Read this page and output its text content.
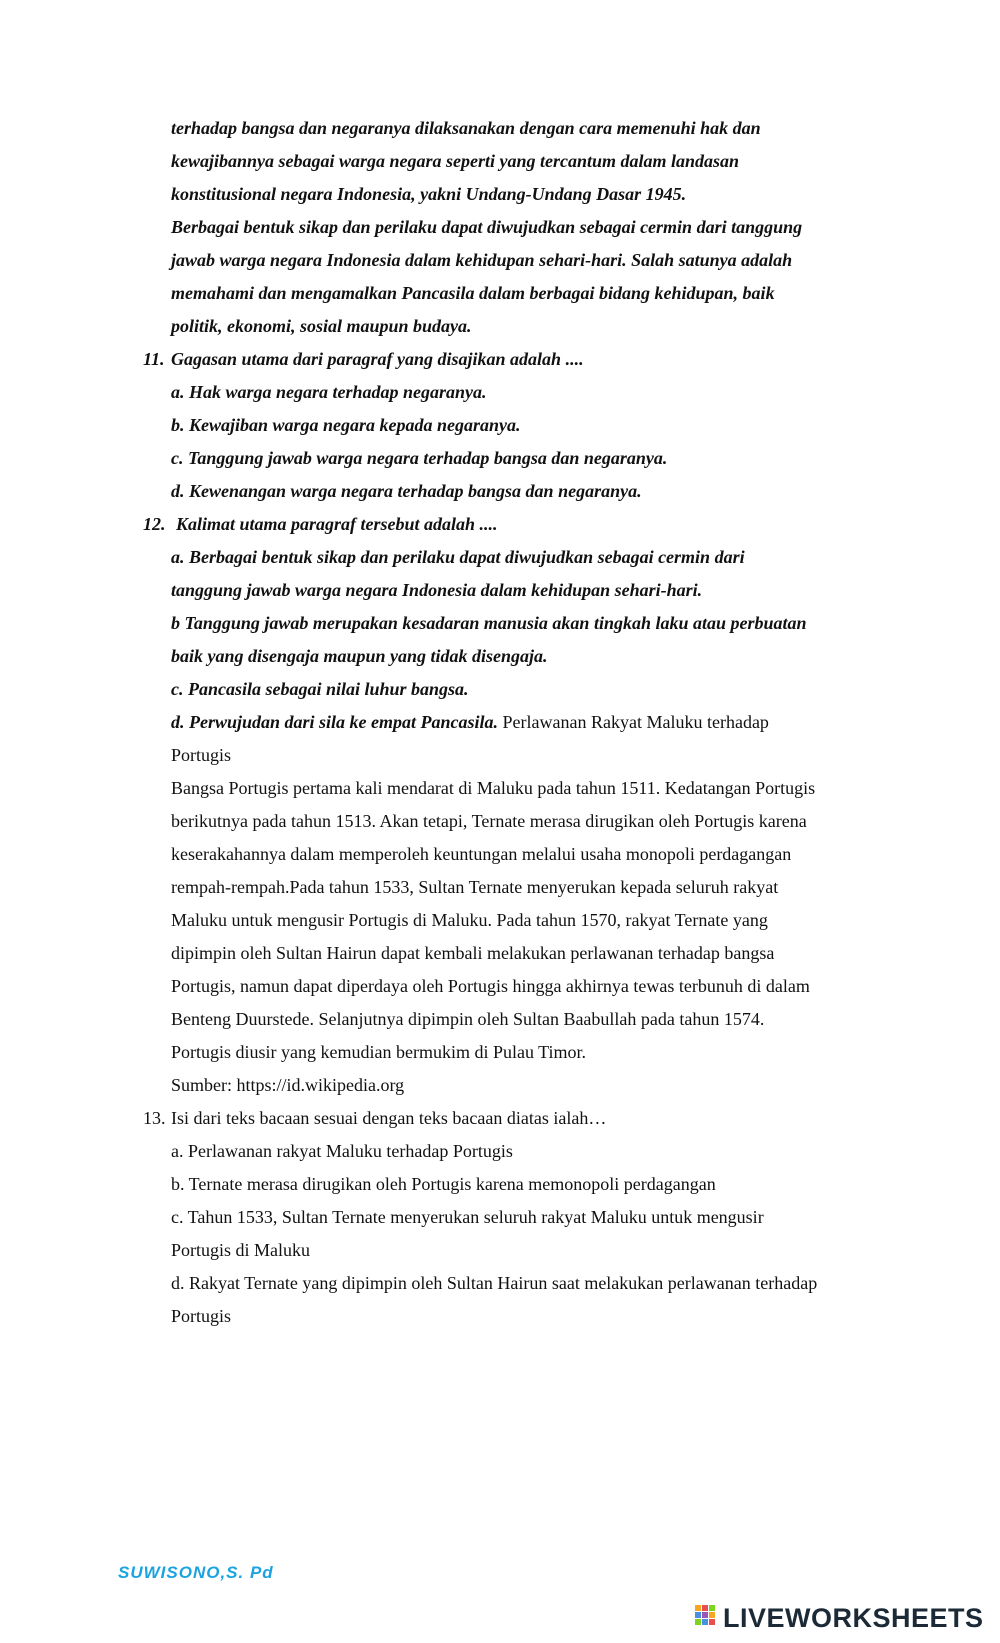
terhadap bangsa dan negaranya dilaksanakan dengan cara memenuhi hak dan
kewajibannya sebagai warga negara seperti yang tercantum dalam landasan
konstitusional negara Indonesia, yakni Undang-Undang Dasar 1945.
Berbagai bentuk sikap dan perilaku dapat diwujudkan sebagai cermin dari tanggung
jawab warga negara Indonesia dalam kehidupan sehari-hari. Salah satunya adalah
memahami dan mengamalkan Pancasila dalam berbagai bidang kehidupan, baik
politik, ekonomi, sosial maupun budaya.
11. Gagasan utama dari paragraf yang disajikan adalah ....
a. Hak warga negara terhadap negaranya.
b. Kewajiban warga negara kepada negaranya.
c. Tanggung jawab warga negara terhadap bangsa dan negaranya.
d. Kewenangan warga negara terhadap bangsa dan negaranya.
12. Kalimat utama paragraf tersebut adalah ....
a. Berbagai bentuk sikap dan perilaku dapat diwujudkan sebagai cermin dari
tanggung jawab warga negara Indonesia dalam kehidupan sehari-hari.
b Tanggung jawab merupakan kesadaran manusia akan tingkah laku atau perbuatan
baik yang disengaja maupun yang tidak disengaja.
c. Pancasila sebagai nilai luhur bangsa.
d. Perwujudan dari sila ke empat Pancasila. Perlawanan Rakyat Maluku terhadap
Portugis
Bangsa Portugis pertama kali mendarat di Maluku pada tahun 1511. Kedatangan Portugis
berikutnya pada tahun 1513. Akan tetapi, Ternate merasa dirugikan oleh Portugis karena
keserakahannya dalam memperoleh keuntungan melalui usaha monopoli perdagangan
rempah-rempah.Pada tahun 1533, Sultan Ternate menyerukan kepada seluruh rakyat
Maluku untuk mengusir Portugis di Maluku. Pada tahun 1570, rakyat Ternate yang
dipimpin oleh Sultan Hairun dapat kembali melakukan perlawanan terhadap bangsa
Portugis, namun dapat diperdaya oleh Portugis hingga akhirnya tewas terbunuh di dalam
Benteng Duurstede. Selanjutnya dipimpin oleh Sultan Baabullah pada tahun 1574.
Portugis diusir yang kemudian bermukim di Pulau Timor.
Sumber: https://id.wikipedia.org
13. Isi dari teks bacaan sesuai dengan teks bacaan diatas ialah…
a. Perlawanan rakyat Maluku terhadap Portugis
b. Ternate merasa dirugikan oleh Portugis karena memonopoli perdagangan
c. Tahun 1533, Sultan Ternate menyerukan seluruh rakyat Maluku untuk mengusir
Portugis di Maluku
d. Rakyat Ternate yang dipimpin oleh Sultan Hairun saat melakukan perlawanan terhadap
Portugis
SUWISONO,S. Pd
LIVEWORKSHEETS
